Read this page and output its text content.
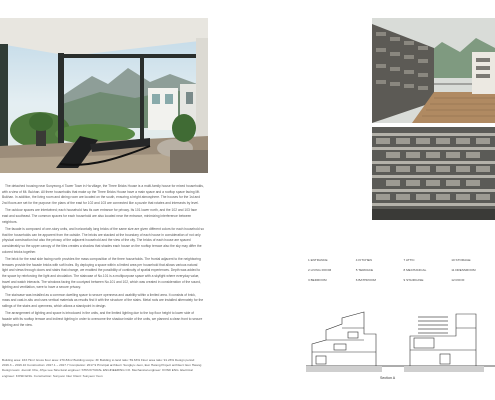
The detached housing near Sunyeong-ri Tower Town in Ha village, the Three Bricks House is a multi-family house for mixed households, with a view of Mt. Bukhan. All three households that make up the Three Bricks House have a main space and a rooftop space facing Mt. Bukhan. In addition, the living room and dining room are located on the south, ensuring a bright atmosphere. The houses for the 1st and 2nd floors are set for the purpose: the plans of the east for 102 and 103 are connected like a puzzle that rotates and intersects by level.

The outdoor spaces are intertwined; each household has its own entrance for privacy. Its 101 lower north, and the 102 and 103 face east and southeast. The common spaces for each household are also located near the entrance, minimizing interference between neighbors.

The facade is composed of one-story units, and horizontally long bricks of the same size are given different colors for each household so that the households can be apparent from the outside. The bricks are stacked at the boundary of each house in consideration of not only physical construction but also the privacy of the adjacent household and the view of the city. The bricks of each house are spaced considerably so the upper canopy of the tiles creates a shadow that shades each house on the rooftop terrace also the sky may differ the colored bricks together.

The brick for the east side facing north provides the mass composition of the three households. The frontal adjacent to the neighboring terraces provide the facade bricks with soft holes. By deploying a space within a limited area per household that allows various natural light and views through doors and stairs that change, we enabled the possibility of continuity of spatial experiences. Depth was added to the space by reinforcing the light and circulation. The staircase of No.101 is a multipurpose space with a skylight where everyday value, travel and watch interacts. The windows facing the courtyard between No.101 and 102, which was created in consideration of the sound, lighting and ventilation, were to have a secure privacy.

The staircase was installed as a common dwelling space to secure openness and usability within a limited area. It consists of brick, mass and cast-in-situ and uses vertical materials as results find it with the structure of the stairs. Metal rods are installed alternately for the railings of the stairs and openness, which allows a standpoint in design.

The arrangement of lighting and space is introduced in the units, and the limited lighting due to the top floor height to lower side of facade with its rooftop terrace and indirect lighting in order to overcome the shadow inside of the units, we planned a clean front to secure lighting and the view.

Building area: 163.79m² Gross floor area: 270.83m² Building scope: 3F Building to land ratio: 59.63% Floor area ratio: 91.23% Design period: 2016.3 ~ 2016.10 Construction: 2017.1 ~ 2017.7 Completion: 2017.9 Principal architect: Sungkyu Jeon, Eun Hwang Project architect: Eun Hwang Design team: Joonoh Cha, Jihye Lee Structural engineer: STRUCTURAL ENGINEERING CO. Mechanical engineer: KOSD ENG. Electrical engineer: KOSD ENG. Construction: Sunyoon Inter Client: Sunyeon Yeon
1 ENTRANCE	4 KITCHEN	7 ATTIC	10 STORAGE
2 LIVING ROOM	5 TERRACE	8 MECHANICAL	11 DRESSROOM
3 BEDROOM	6 BATHROOM	9 STAIRCASE	12 ROOF
Section A
